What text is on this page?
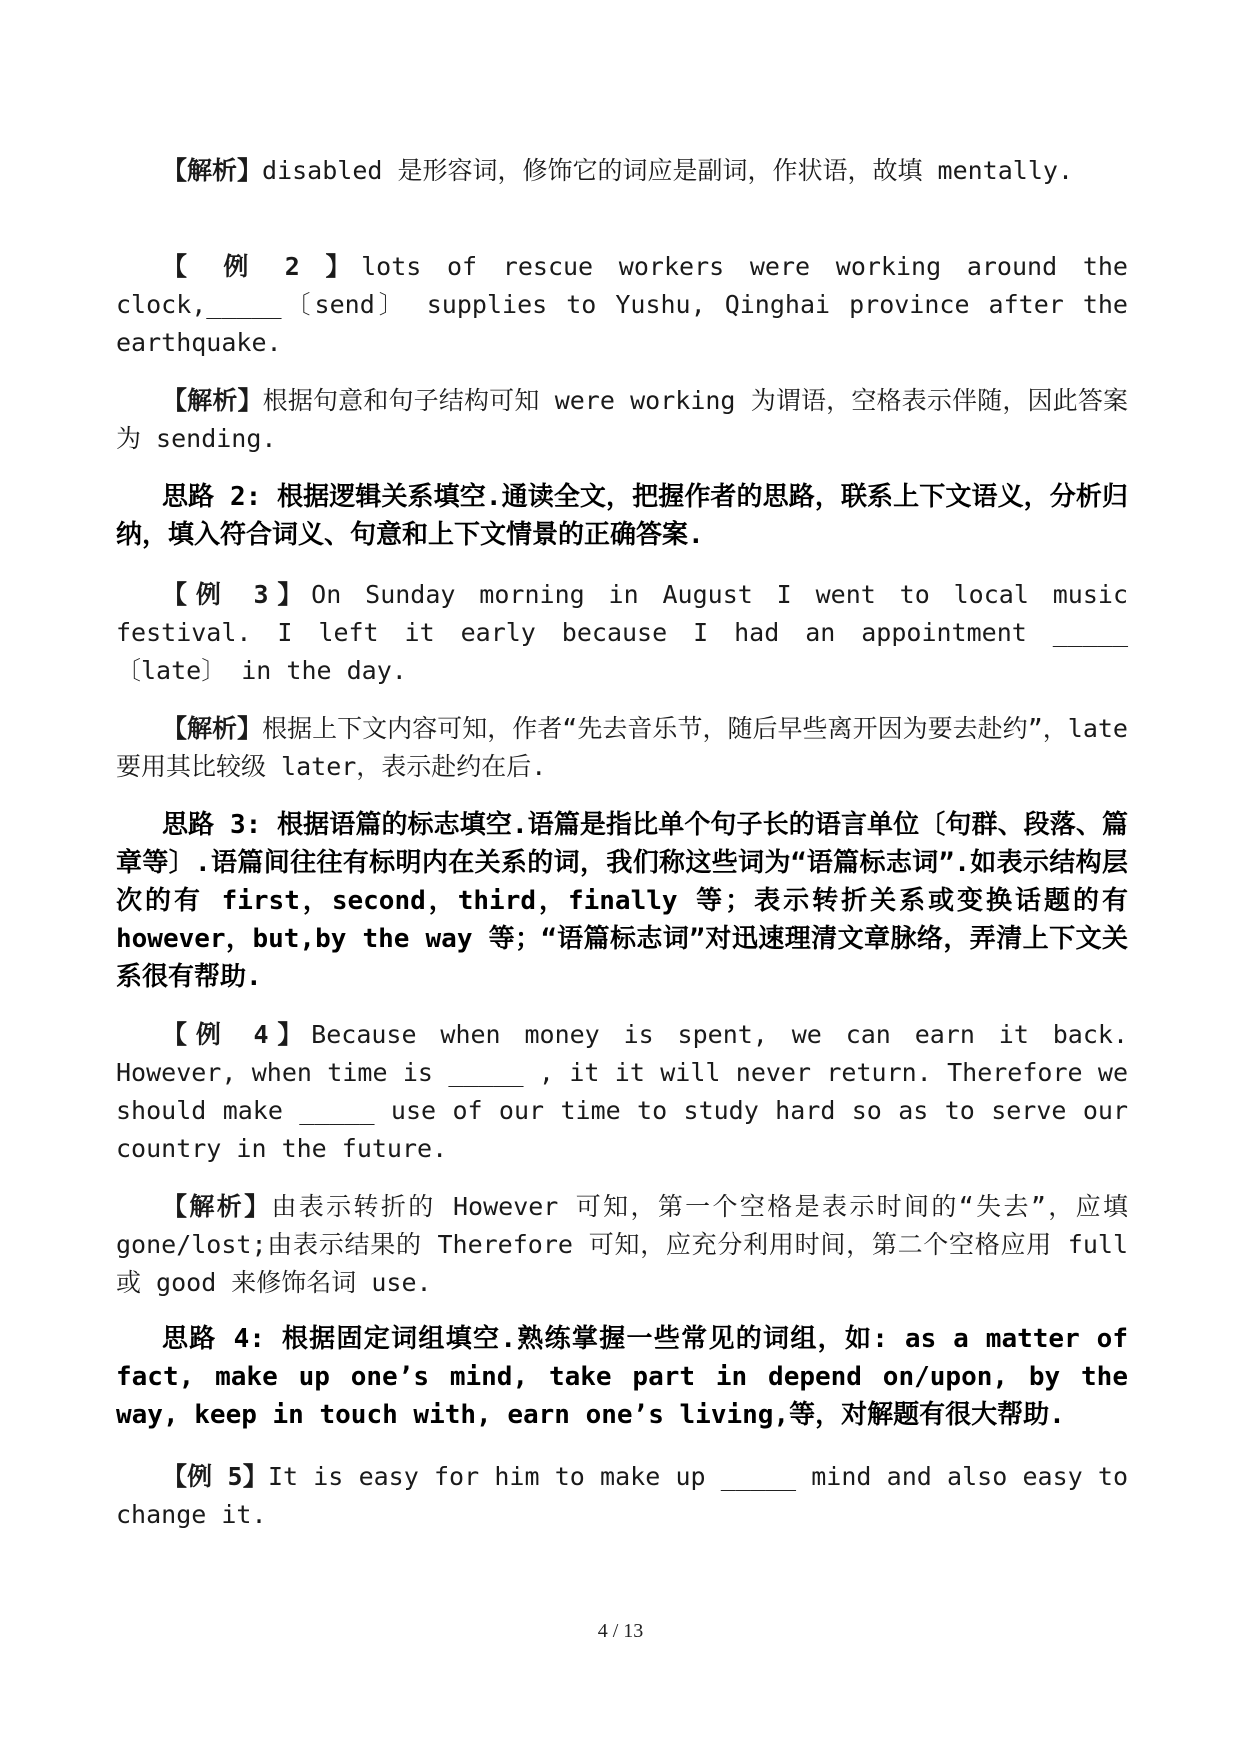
【解析】disabled 是形容词，修饰它的词应是副词，作状语，故填 mentally.

【 例 2 】lots of rescue workers were working around the clock,_____〔send〕 supplies to Yushu, Qinghai province after the earthquake.

【解析】根据句意和句子结构可知 were working 为谓语，空格表示伴随，因此答案为 sending.

思路 2: 根据逻辑关系填空.通读全文，把握作者的思路，联系上下文语义，分析归纳，填入符合词义、句意和上下文情景的正确答案.

【例 3】On Sunday morning in August I went to local music festival. I left it early because I had an appointment _____ 〔late〕 in the day.

【解析】根据上下文内容可知，作者“先去音乐节，随后早些离开因为要去赴约”，late 要用其比较级 later，表示赴约在后.

思路 3: 根据语篇的标志填空.语篇是指比单个句子长的语言单位〔句群、段落、篇章等〕.语篇间往往有标明内在关系的词，我们称这些词为“语篇标志词”.如表示结构层次的有 first，second，third，finally 等；表示转折关系或变换话题的有 however，but,by the way 等；“语篇标志词”对迅速理清文章脉络，弄清上下文关系很有帮助.

【例 4】Because when money is spent, we can earn it back. However, when time is _____ , it it will never return. Therefore we should make _____ use of our time to study hard so as to serve our country in the future.

【解析】由表示转折的 However 可知，第一个空格是表示时间的“失去”，应填 gone/lost;由表示结果的 Therefore 可知，应充分利用时间，第二个空格应用 full 或 good 来修饰名词 use.

思路 4: 根据固定词组填空.熟练掌握一些常见的词组，如: as a matter of fact, make up one’s mind, take part in depend on/upon, by the way, keep in touch with, earn one’s living,等，对解题有很大帮助.

【例 5】It is easy for him to make up _____ mind and also easy to change it.

4 / 13
